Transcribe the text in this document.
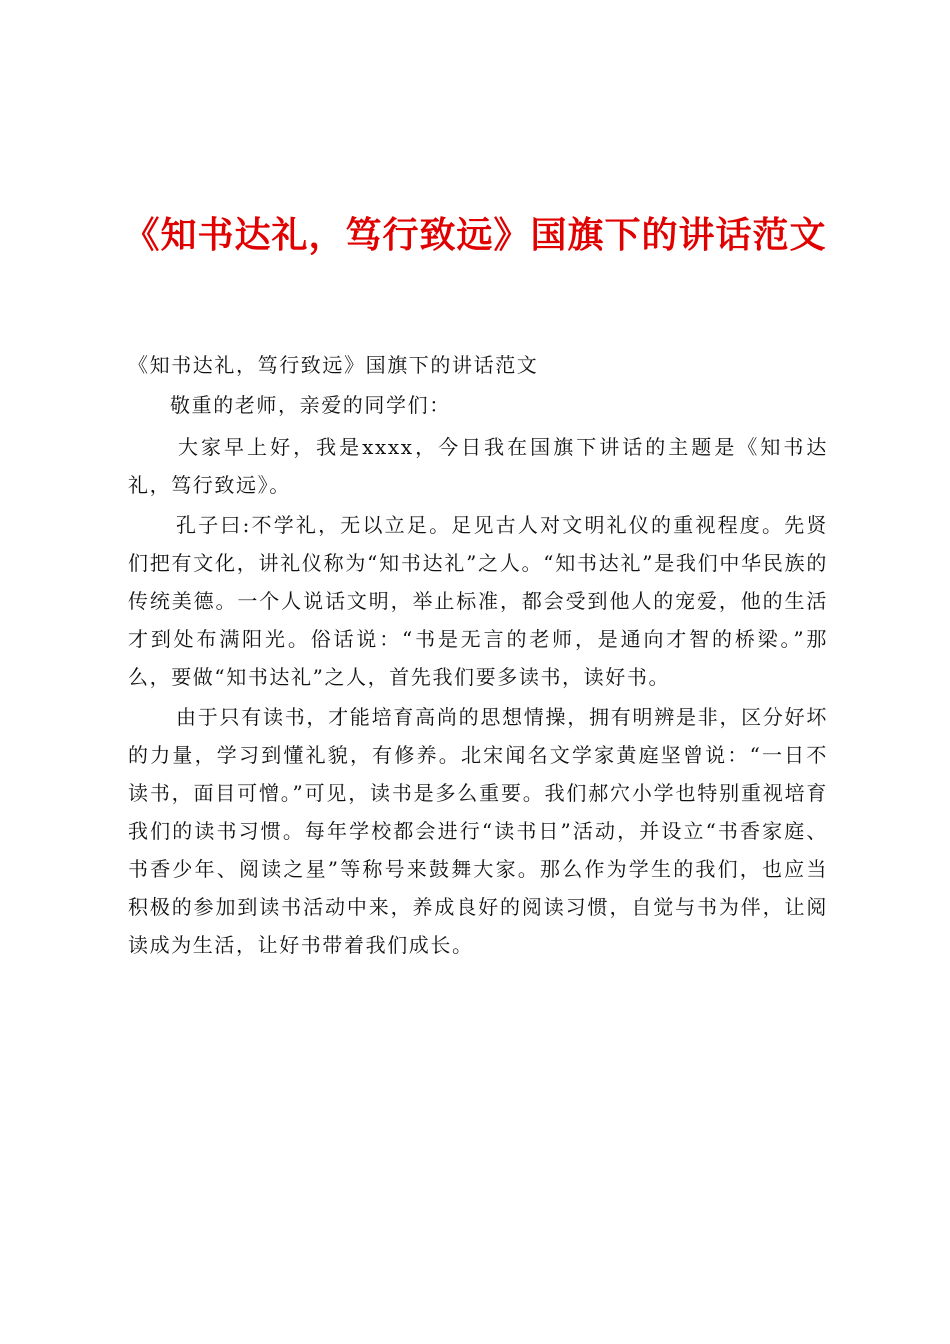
《知书达礼，笃行致远》国旗下的讲话范文

《知书达礼，笃行致远》国旗下的讲话范文

敬重的老师，亲爱的同学们：

大家早上好，我是xxxx，今日我在国旗下讲话的主题是《知书达礼，笃行致远》。

孔子曰:不学礼，无以立足。足见古人对文明礼仪的重视程度。先贤们把有文化，讲礼仪称为“知书达礼”之人。“知书达礼”是我们中华民族的传统美德。一个人说话文明，举止标准，都会受到他人的宠爱，他的生活才到处布满阳光。俗话说：“书是无言的老师，是通向才智的桥梁。”那么，要做“知书达礼”之人，首先我们要多读书，读好书。

由于只有读书，才能培育高尚的思想情操，拥有明辨是非，区分好坏的力量，学习到懂礼貌，有修养。北宋闻名文学家黄庭坚曾说：“一日不读书，面目可憎。”可见，读书是多么重要。我们郝穴小学也特别重视培育我们的读书习惯。每年学校都会进行“读书日”活动，并设立“书香家庭、书香少年、阅读之星”等称号来鼓舞大家。那么作为学生的我们，也应当积极的参加到读书活动中来，养成良好的阅读习惯，自觉与书为伴，让阅读成为生活，让好书带着我们成长。
